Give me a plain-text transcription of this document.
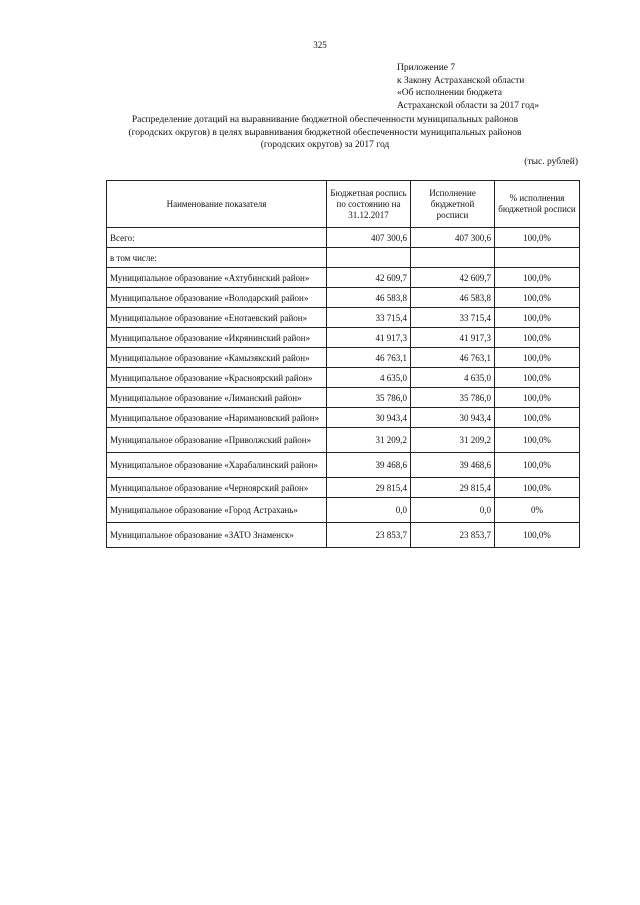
325
Приложение 7
к Закону Астраханской области
«Об исполнении бюджета
Астраханской области за 2017 год»
Распределение дотаций на выравнивание бюджетной обеспеченности муниципальных районов
(городских округов) в целях выравнивания бюджетной обеспеченности муниципальных районов
(городских округов) за 2017 год
(тыс. рублей)
Наименование показателя	Бюджетная роспись по состоянию на 31.12.2017	Исполнение бюджетной росписи	% исполнения бюджетной росписи
Всего:	407 300,6	407 300,6	100,0%
в том числе:			
Муниципальное образование «Ахтубинский район»	42 609,7	42 609,7	100,0%
Муниципальное образование «Володарский район»	46 583,8	46 583,8	100,0%
Муниципальное образование «Енотаевский район»	33 715,4	33 715,4	100,0%
Муниципальное образование «Икрянинский район»	41 917,3	41 917,3	100,0%
Муниципальное образование «Камызякский район»	46 763,1	46 763,1	100,0%
Муниципальное образование «Красноярский район»	4 635,0	4 635,0	100,0%
Муниципальное образование «Лиманский район»	35 786,0	35 786,0	100,0%
Муниципальное образование «Наримановский район»	30 943,4	30 943,4	100,0%
Муниципальное образование «Приволжский район»	31 209,2	31 209,2	100,0%
Муниципальное образование «Харабалинский район»	39 468,6	39 468,6	100,0%
Муниципальное образование «Черноярский район»	29 815,4	29 815,4	100,0%
Муниципальное образование «Город Астрахань»	0,0	0,0	0%
Муниципальное образование «ЗАТО Знаменск»	23 853,7	23 853,7	100,0%
